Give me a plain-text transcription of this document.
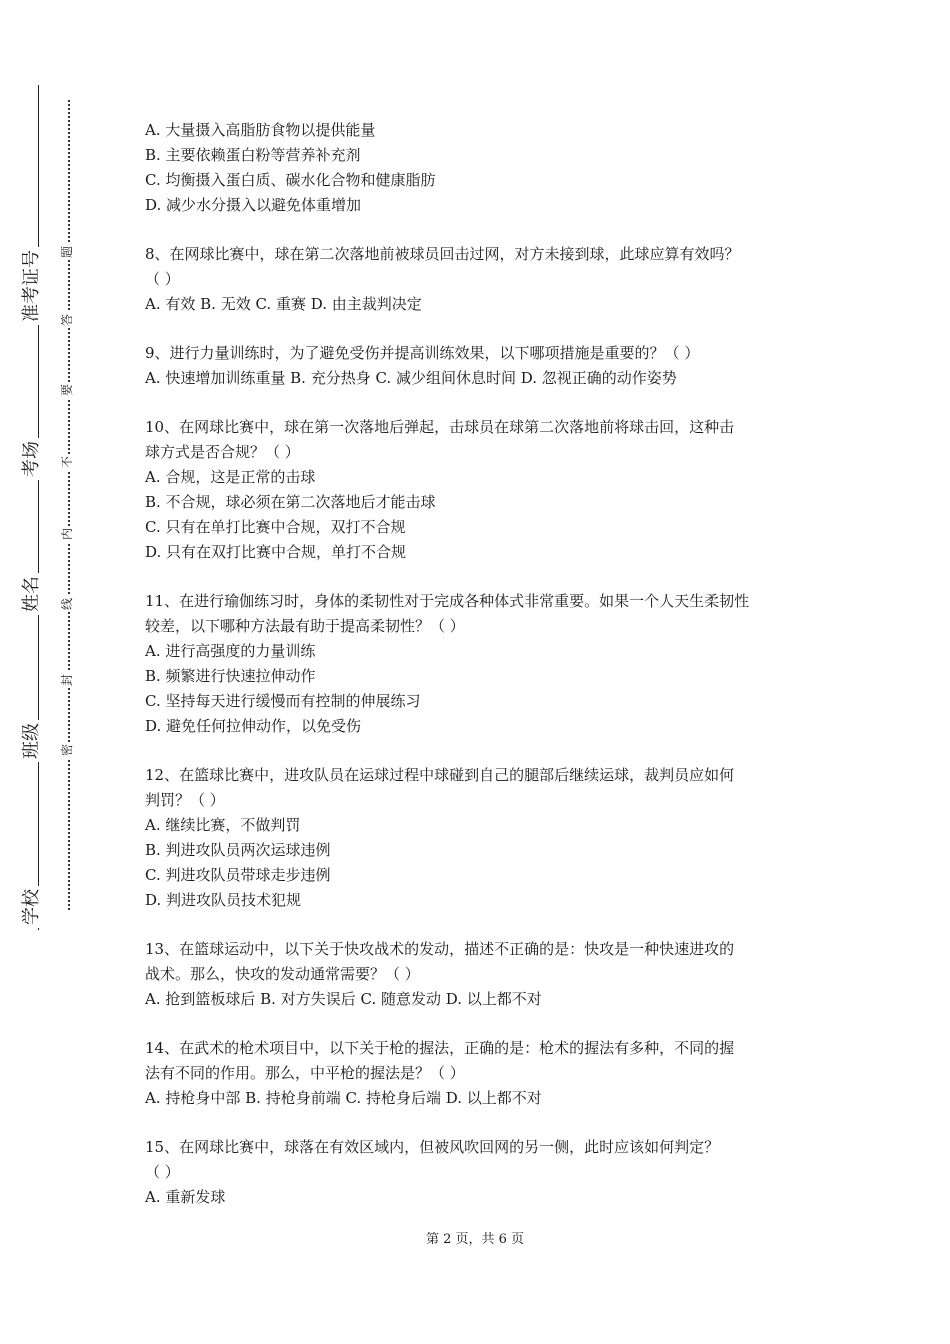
准考证号
考场
姓名
班级
学校
题
答
要
不
内
线
封
密
A. 大量摄入高脂肪食物以提供能量
B. 主要依赖蛋白粉等营养补充剂
C. 均衡摄入蛋白质、碳水化合物和健康脂肪
D. 减少水分摄入以避免体重增加
8、在网球比赛中，球在第二次落地前被球员回击过网，对方未接到球，此球应算有效吗？
（ ）
A. 有效 B. 无效 C. 重赛 D. 由主裁判决定
9、进行力量训练时，为了避免受伤并提高训练效果，以下哪项措施是重要的？（ ）
A. 快速增加训练重量 B. 充分热身 C. 减少组间休息时间 D. 忽视正确的动作姿势
10、在网球比赛中，球在第一次落地后弹起，击球员在球第二次落地前将球击回，这种击
球方式是否合规？（ ）
A. 合规，这是正常的击球
B. 不合规，球必须在第二次落地后才能击球
C. 只有在单打比赛中合规，双打不合规
D. 只有在双打比赛中合规，单打不合规
11、在进行瑜伽练习时，身体的柔韧性对于完成各种体式非常重要。如果一个人天生柔韧性
较差，以下哪种方法最有助于提高柔韧性？（ ）
A. 进行高强度的力量训练
B. 频繁进行快速拉伸动作
C. 坚持每天进行缓慢而有控制的伸展练习
D. 避免任何拉伸动作，以免受伤
12、在篮球比赛中，进攻队员在运球过程中球碰到自己的腿部后继续运球，裁判员应如何
判罚？（ ）
A. 继续比赛，不做判罚
B. 判进攻队员两次运球违例
C. 判进攻队员带球走步违例
D. 判进攻队员技术犯规
13、在篮球运动中，以下关于快攻战术的发动，描述不正确的是：快攻是一种快速进攻的
战术。那么，快攻的发动通常需要？（ ）
A. 抢到篮板球后 B. 对方失误后 C. 随意发动 D. 以上都不对
14、在武术的枪术项目中，以下关于枪的握法，正确的是：枪术的握法有多种，不同的握
法有不同的作用。那么，中平枪的握法是？（ ）
A. 持枪身中部 B. 持枪身前端 C. 持枪身后端 D. 以上都不对
15、在网球比赛中，球落在有效区域内，但被风吹回网的另一侧，此时应该如何判定？
（ ）
A. 重新发球
第 2 页，共 6 页
